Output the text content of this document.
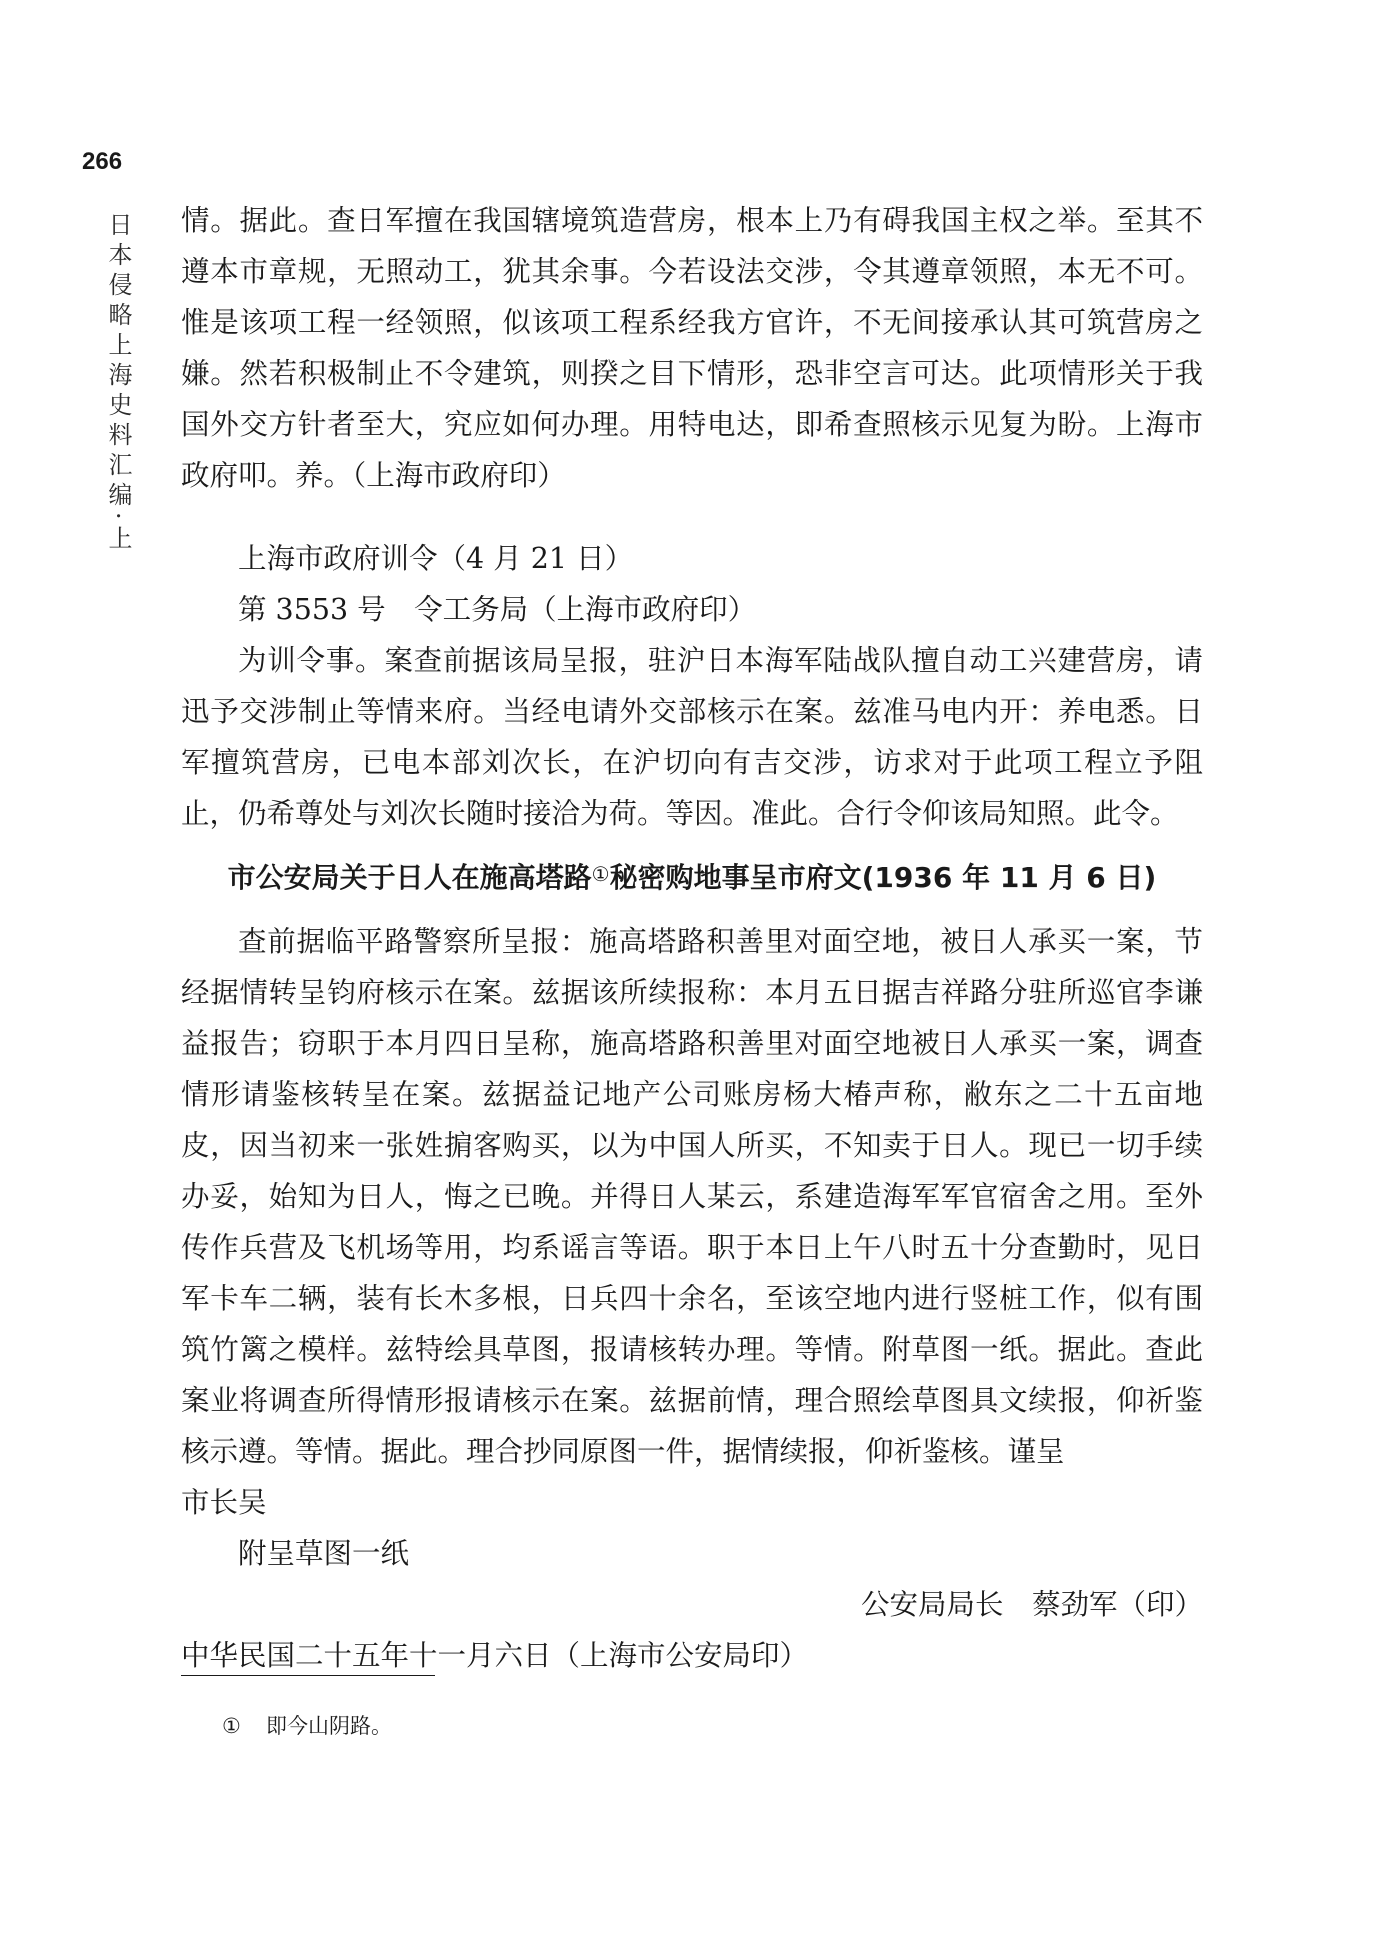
266
日本侵略上海史料汇编·上 情。据此。查日军擅在我国辖境筑造营房，根本上乃有碍我国主权之举。至其不遵本市章规，无照动工，犹其余事。今若设法交涉，令其遵章领照，本无不可。惟是该项工程一经领照，似该项工程系经我方官许，不无间接承认其可筑营房之嫌。然若积极制止不令建筑，则揆之目下情形，恐非空言可达。此项情形关于我国外交方针者至大，究应如何办理。用特电达，即希查照核示见复为盼。上海市政府叩。养。（上海市政府印）

上海市政府训令（4 月 21 日）

第 3553 号　令工务局（上海市政府印）

为训令事。案查前据该局呈报，驻沪日本海军陆战队擅自动工兴建营房，请迅予交涉制止等情来府。当经电请外交部核示在案。兹准马电内开：养电悉。日军擅筑营房，已电本部刘次长，在沪切向有吉交涉，访求对于此项工程立予阻止，仍希尊处与刘次长随时接洽为荷。等因。准此。合行令仰该局知照。此令。

市公安局关于日人在施高塔路①秘密购地事呈市府文(1936 年 11 月 6 日)

查前据临平路警察所呈报：施高塔路积善里对面空地，被日人承买一案，节经据情转呈钧府核示在案。兹据该所续报称：本月五日据吉祥路分驻所巡官李谦益报告；窃职于本月四日呈称，施高塔路积善里对面空地被日人承买一案，调查情形请鉴核转呈在案。兹据益记地产公司账房杨大椿声称，敝东之二十五亩地皮，因当初来一张姓掮客购买，以为中国人所买，不知卖于日人。现已一切手续办妥，始知为日人，悔之已晚。并得日人某云，系建造海军军官宿舍之用。至外传作兵营及飞机场等用，均系谣言等语。职于本日上午八时五十分查勤时，见日军卡车二辆，装有长木多根，日兵四十余名，至该空地内进行竖桩工作，似有围筑竹篱之模样。兹特绘具草图，报请核转办理。等情。附草图一纸。据此。查此案业将调查所得情形报请核示在案。兹据前情，理合照绘草图具文续报，仰祈鉴核示遵。等情。据此。理合抄同原图一件，据情续报，仰祈鉴核。谨呈

市长吴

附呈草图一纸

公安局局长　蔡劲军（印）

中华民国二十五年十一月六日（上海市公安局印）

① 即今山阴路。
